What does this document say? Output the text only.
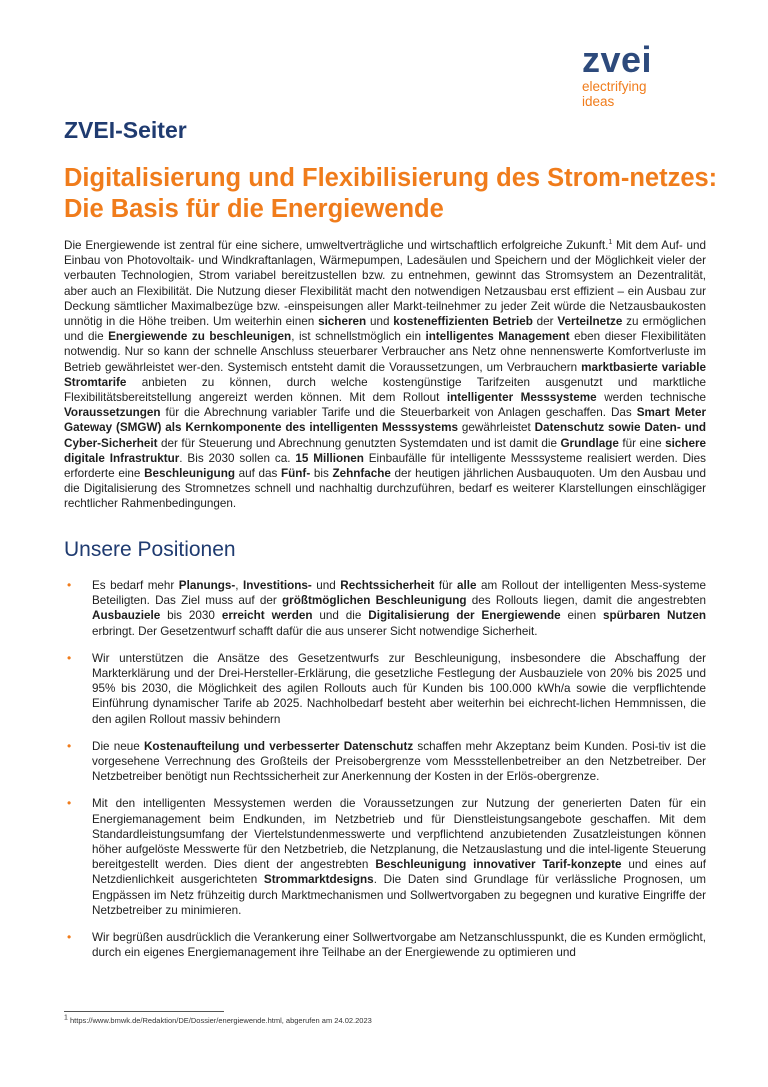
zvei
electrifying
ideas
ZVEI-Seiter
Digitalisierung und Flexibilisierung des Strom-netzes: Die Basis für die Energiewende

Die Energiewende ist zentral für eine sichere, umweltverträgliche und wirtschaftlich erfolgreiche Zukunft.$^1$ Mit dem Auf- und Einbau von Photovoltaik- und Windkraftanlagen, Wärmepumpen, Ladesäulen und Speichern und der Möglichkeit vieler der verbauten Technologien, Strom variabel bereitzustellen bzw. zu entnehmen, gewinnt das Stromsystem an Dezentralität, aber auch an Flexibilität. Die Nutzung dieser Flexibilität macht den notwendigen Netzausbau erst effizient – ein Ausbau zur Deckung sämtlicher Maximalbezüge bzw. -einspeisungen aller Markt-teilnehmer zu jeder Zeit würde die Netzausbaukosten unnötig in die Höhe treiben. Um weiterhin einen sicheren und kosteneffizienten Betrieb der Verteilnetze zu ermöglichen und die Energiewende zu beschleunigen, ist schnellstmöglich ein intelligentes Management eben dieser Flexibilitäten notwendig. Nur so kann der schnelle Anschluss steuerbarer Verbraucher ans Netz ohne nennenswerte Komfortverluste im Betrieb gewährleistet wer-den. Systemisch entsteht damit die Voraussetzungen, um Verbrauchern marktbasierte variable Stromtarife anbieten zu können, durch welche kostengünstige Tarifzeiten ausgenutzt und marktliche Flexibilitätsbereitstellung angereizt werden können. Mit dem Rollout intelligenter Messsysteme werden technische Voraussetzungen für die Abrechnung variabler Tarife und die Steuerbarkeit von Anlagen geschaffen. Das Smart Meter Gateway (SMGW) als Kernkomponente des intelligenten Messsystems gewährleistet Datenschutz sowie Daten- und Cyber-Sicherheit der für Steuerung und Abrechnung genutzten Systemdaten und ist damit die Grundlage für eine sichere digitale Infrastruktur. Bis 2030 sollen ca. 15 Millionen Einbaufälle für intelligente Messsysteme realisiert werden. Dies erforderte eine Beschleunigung auf das Fünf- bis Zehnfache der heutigen jährlichen Ausbauquoten. Um den Ausbau und die Digitalisierung des Stromnetzes schnell und nachhaltig durchzuführen, bedarf es weiterer Klarstellungen einschlägiger rechtlicher Rahmenbedingungen.

Unsere Positionen
• Es bedarf mehr Planungs-, Investitions- und Rechtssicherheit für alle am Rollout der intelligenten Mess-systeme Beteiligten. Das Ziel muss auf der größtmöglichen Beschleunigung des Rollouts liegen, damit die angestrebten Ausbauziele bis 2030 erreicht werden und die Digitalisierung der Energiewende einen spürbaren Nutzen erbringt. Der Gesetzentwurf schafft dafür die aus unserer Sicht notwendige Sicherheit.
• Wir unterstützen die Ansätze des Gesetzentwurfs zur Beschleunigung, insbesondere die Abschaffung der Markterklärung und der Drei-Hersteller-Erklärung, die gesetzliche Festlegung der Ausbauziele von 20% bis 2025 und 95% bis 2030, die Möglichkeit des agilen Rollouts auch für Kunden bis 100.000 kWh/a sowie die verpflichtende Einführung dynamischer Tarife ab 2025. Nachholbedarf besteht aber weiterhin bei eichrecht-lichen Hemmnissen, die den agilen Rollout massiv behindern
• Die neue Kostenaufteilung und verbesserter Datenschutz schaffen mehr Akzeptanz beim Kunden. Posi-tiv ist die vorgesehene Verrechnung des Großteils der Preisobergrenze vom Messstellenbetreiber an den Netzbetreiber. Der Netzbetreiber benötigt nun Rechtssicherheit zur Anerkennung der Kosten in der Erlös-obergrenze.
• Mit den intelligenten Messystemen werden die Voraussetzungen zur Nutzung der generierten Daten für ein Energiemanagement beim Endkunden, im Netzbetrieb und für Dienstleistungsangebote geschaffen. Mit dem Standardleistungsumfang der Viertelstundenmesswerte und verpflichtend anzubietenden Zusatzleistungen können höher aufgelöste Messwerte für den Netzbetrieb, die Netzplanung, die Netzauslastung und die intel-ligente Steuerung bereitgestellt werden. Dies dient der angestrebten Beschleunigung innovativer Tarif-konzepte und eines auf Netzdienlichkeit ausgerichteten Strommarktdesigns. Die Daten sind Grundlage für verlässliche Prognosen, um Engpässen im Netz frühzeitig durch Marktmechanismen und Sollwertvorgaben zu begegnen und kurative Eingriffe der Netzbetreiber zu minimieren.
• Wir begrüßen ausdrücklich die Verankerung einer Sollwertvorgabe am Netzanschlusspunkt, die es Kunden ermöglicht, durch ein eigenes Energiemanagement ihre Teilhabe an der Energiewende zu optimieren und
1 https://www.bmwk.de/Redaktion/DE/Dossier/energiewende.html, abgerufen am 24.02.2023
